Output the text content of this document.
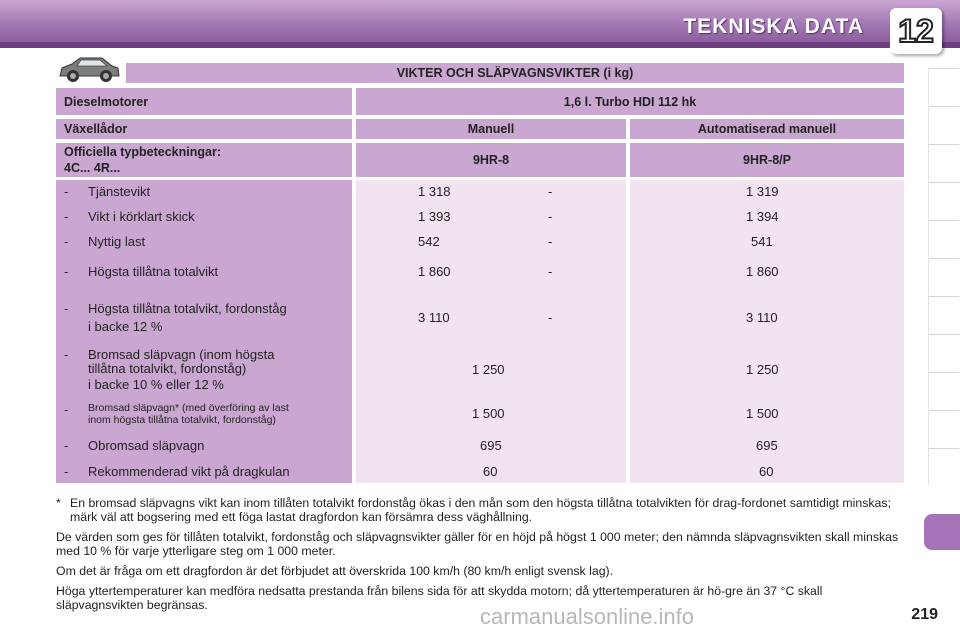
TEKNISKA DATA 12
VIKTER OCH SLÄPVAGNSVIKTER (i kg)
Dieselmotorer	1,6 l. Turbo HDI 112 hk
Växellådor	Manuell	Automatiserad manuell
Officiella typbeteckningar:
4C... 4R...
9HR-8	9HR-8/P
- Tjänstevikt	1 318	-	1 319
- Vikt i körklart skick	1 393	-	1 394
- Nyttig last	542	-	541
- Högsta tillåtna totalvikt	1 860	-	1 860
- Högsta tillåtna totalvikt, fordonståg
i backe 12 %
3 110	-	3 110
- Bromsad släpvagn (inom högsta
tillåtna totalvikt, fordonståg)
i backe 10 % eller 12 %
1 250	1 250
- Bromsad släpvagn* (med överföring av last
inom högsta tillåtna totalvikt, fordonståg)	1 500	1 500
- Obromsad släpvagn	695	695
- Rekommenderad vikt på dragkulan	60	60

* En bromsad släpvagns vikt kan inom tillåten totalvikt fordonståg ökas i den mån som den högsta tillåtna totalvikten för drag-fordonet samtidigt minskas; märk väl att bogsering med ett föga lastat dragfordon kan försämra dess väghållning.

De värden som ges för tillåten totalvikt, fordonståg och släpvagnsvikter gäller för en höjd på högst 1 000 meter; den nämnda släpvagnsvikten skall minskas med 10 % för varje ytterligare steg om 1 000 meter.

Om det är fråga om ett dragfordon är det förbjudet att överskrida 100 km/h (80 km/h enligt svensk lag).

Höga yttertemperaturer kan medföra nedsatta prestanda från bilens sida för att skydda motorn; då yttertemperaturen är hö-gre än 37 °C skall släpvagnsvikten begränsas.	carmanualsonline.info	219
